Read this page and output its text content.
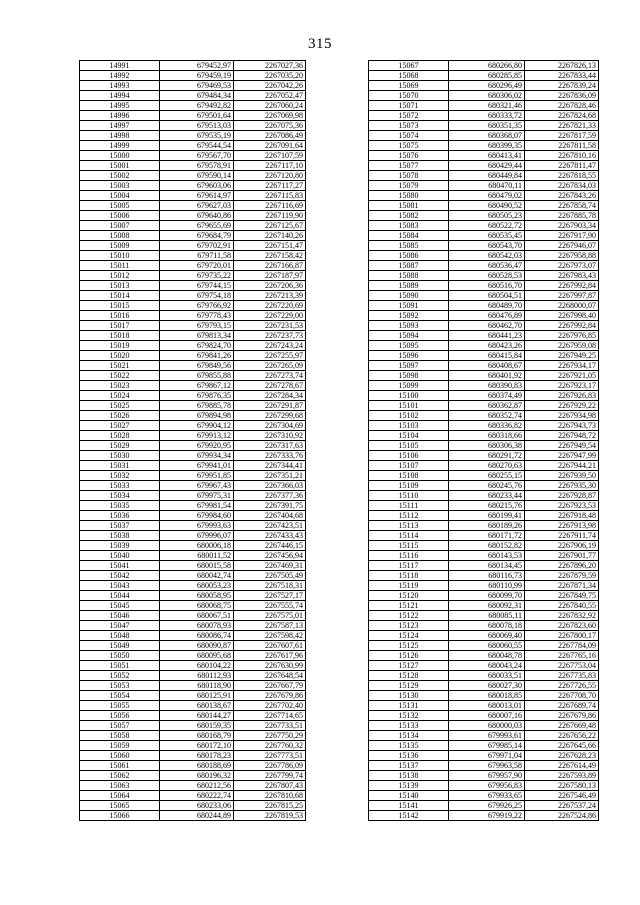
315
14991	679452,97	2267027,36
14992	679459,19	2267035,20
14993	679469,53	2267042,26
14994	679484,34	2267052,47
14995	679492,82	2267060,24
14996	679501,64	2267069,98
14997	679513,03	2267075,36
14998	679535,19	2267086,49
14999	679544,54	2267091,64
15000	679567,70	2267107,59
15001	679578,91	2267117,10
15002	679590,14	2267120,80
15003	679603,06	2267117,27
15004	679614,97	2267115,83
15005	679627,03	2267116,69
15006	679640,86	2267119,90
15007	679655,69	2267125,67
15008	679684,79	2267140,26
15009	679702,91	2267151,47
15010	679711,58	2267158,42
15011	679720,01	2267166,87
15012	679735,22	2267187,97
15013	679744,15	2267206,36
15014	679754,18	2267213,39
15015	679766,92	2267220,69
15016	679778,43	2267229,00
15017	679793,15	2267231,53
15018	679813,34	2267237,73
15019	679824,70	2267243,24
15020	679841,26	2267255,97
15021	679849,56	2267265,09
15022	679855,88	2267273,74
15023	679867,12	2267278,67
15024	679876,35	2267284,34
15025	679885,78	2267291,87
15026	679894,98	2267299,68
15027	679904,12	2267304,69
15028	679913,12	2267310,92
15029	679920,95	2267317,63
15030	679934,34	2267333,76
15031	679941,01	2267344,41
15032	679951,85	2267351,21
15033	679967,43	2267366,03
15034	679975,31	2267377,36
15035	679981,54	2267391,75
15036	679984,60	2267404,68
15037	679993,63	2267423,51
15038	679996,07	2267433,43
15039	680006,18	2267446,15
15040	680011,52	2267456,94
15041	680015,58	2267469,31
15042	680042,74	2267505,49
15043	680053,23	2267518,31
15044	680058,95	2267527,17
15045	680068,75	2267555,74
15046	680067,51	2267575,01
15047	680078,93	2267587,13
15048	680086,74	2267598,42
15049	680090,87	2267607,61
15050	680095,68	2267617,96
15051	680104,22	2267630,99
15052	680112,93	2267648,54
15053	680118,90	2267667,79
15054	680125,91	2267679,86
15055	680138,67	2267702,40
15056	680144,27	2267714,65
15057	680159,35	2267733,51
15058	680168,79	2267750,29
15059	680172,10	2267760,32
15060	680178,23	2267773,51
15061	680188,69	2267786,09
15062	680196,32	2267799,74
15063	680212,56	2267807,43
15064	680222,74	2267810,68
15065	680233,06	2267815,25
15066	680244,89	2267819,53
15067	680266,80	2267826,13
15068	680285,85	2267833,44
15069	680296,49	2267839,24
15070	680306,02	2267836,09
15071	680321,46	2267828,46
15072	680333,72	2267824,68
15073	680351,35	2267821,33
15074	680368,07	2267817,59
15075	680399,35	2267811,58
15076	680413,41	2267810,16
15077	680429,44	2267811,47
15078	680449,84	2267818,55
15079	680470,11	2267834,03
15080	680479,02	2267843,26
15081	680490,52	2267858,74
15082	680505,23	2267885,78
15083	680522,72	2267903,34
15084	680535,45	2267917,90
15085	680543,70	2267946,07
15086	680542,03	2267958,88
15087	680536,47	2267973,07
15088	680528,53	2267983,43
15089	680516,70	2267992,84
15090	680504,51	2267997,87
15091	680489,70	2268000,07
15092	680476,89	2267998,40
15093	680462,70	2267992,84
15094	680441,23	2267976,85
15095	680423,26	2267959,08
15096	680415,84	2267949,25
15097	680408,67	2267934,17
15098	680401,92	2267921,05
15099	680390,83	2267923,17
15100	680374,49	2267926,83
15101	680362,87	2267929,22
15102	680352,74	2267934,98
15103	680336,82	2267943,73
15104	680318,66	2267948,72
15105	680306,38	2267949,54
15106	680291,72	2267947,99
15107	680270,63	2267944,21
15108	680255,15	2267939,50
15109	680245,76	2267935,30
15110	680233,44	2267928,87
15111	680215,76	2267923,53
15112	680199,41	2267918,48
15113	680189,26	2267913,98
15114	680171,72	2267911,74
15115	680152,82	2267906,19
15116	680143,53	2267901,77
15117	680134,45	2267896,20
15118	680116,73	2267879,59
15119	680110,99	2267871,34
15120	680099,70	2267849,75
15121	680092,31	2267840,55
15122	680085,11	2267832,92
15123	680078,18	2267823,60
15124	680069,40	2267800,17
15125	680060,55	2267784,09
15126	680048,78	2267765,16
15127	680043,24	2267753,04
15128	680033,51	2267735,83
15129	680027,30	2267726,55
15130	680018,85	2267708,70
15131	680013,01	2267689,74
15132	680007,16	2267679,86
15133	680000,03	2267669,48
15134	679993,61	2267656,22
15135	679985,14	2267645,66
15136	679971,04	2267628,23
15137	679963,58	2267614,49
15138	679957,90	2267593,89
15139	679956,83	2267580,13
15140	679933,65	2267546,49
15141	679926,25	2267537,24
15142	679919,22	2267524,86
